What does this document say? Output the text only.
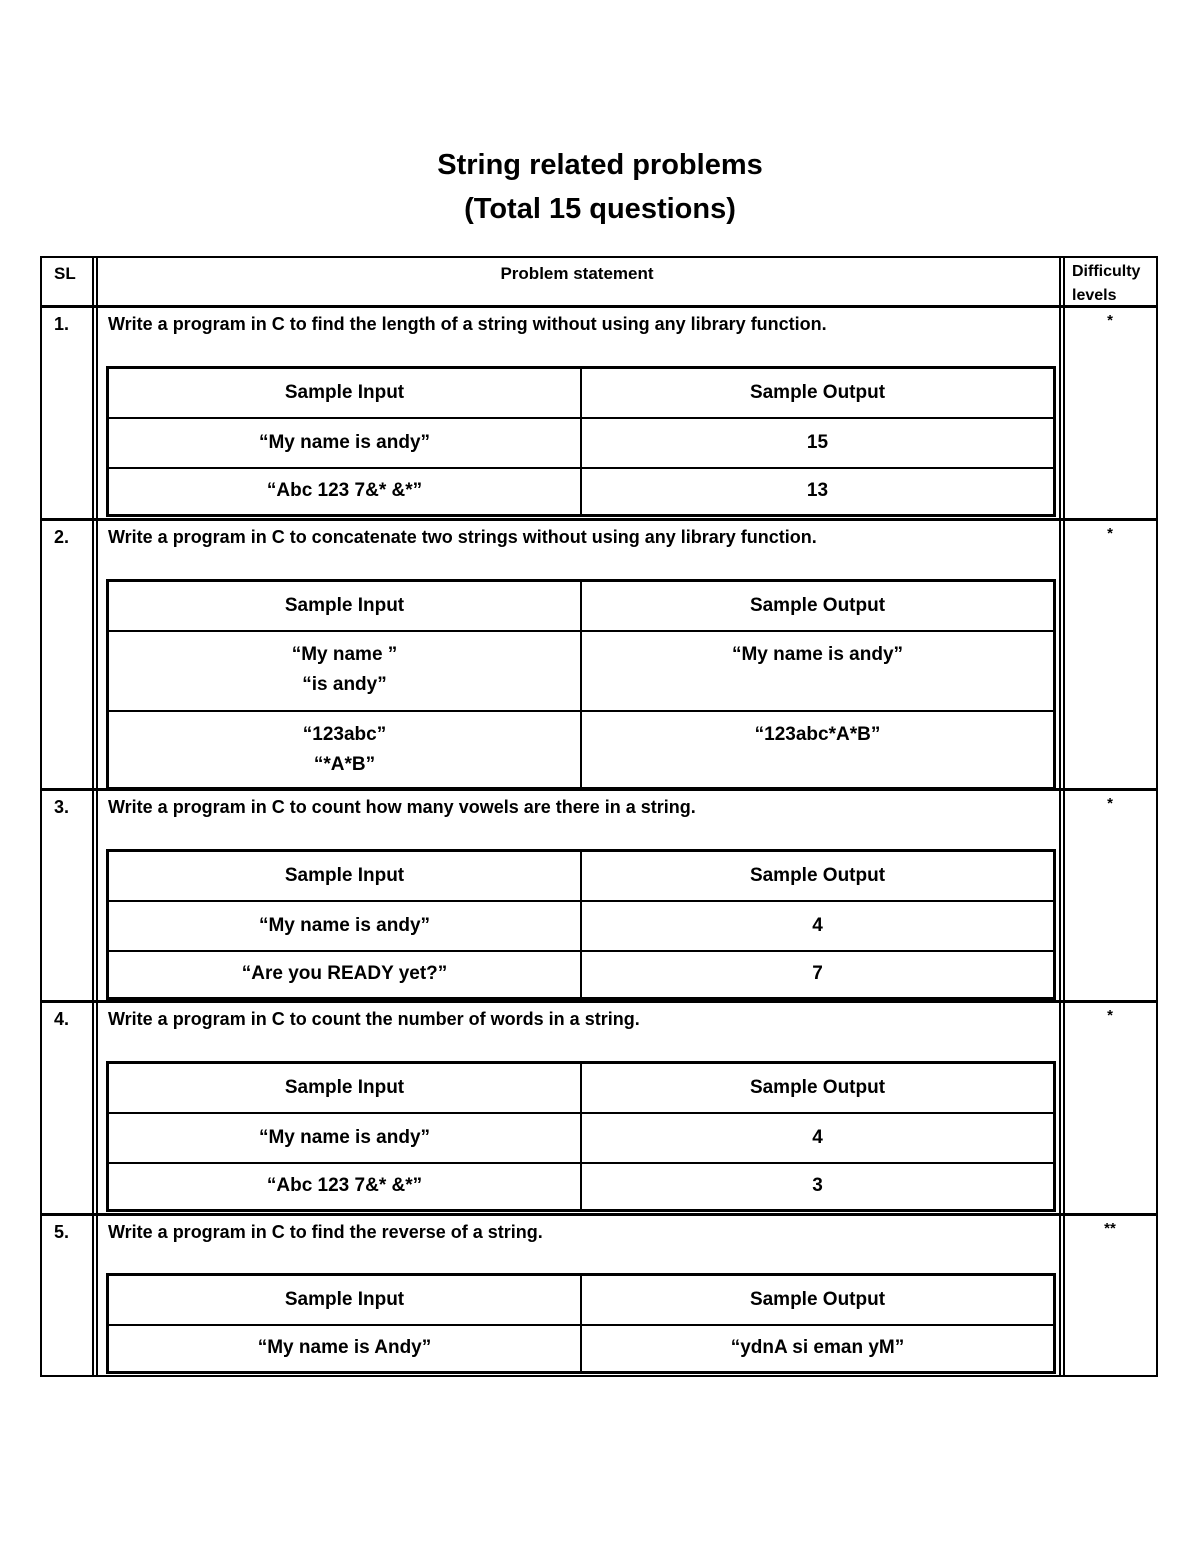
String related problems
(Total 15 questions)
SL	Problem statement	Difficulty
levels
1. Write a program in C to find the length of a string without using any library function.	*
Sample Input	Sample Output
“My name is andy”	15
“Abc 123 7&* &*”	13
2. Write a program in C to concatenate two strings without using any library function.	*
Sample Input	Sample Output

“My name ”
“is andy”	“My name is andy”

“123abc”
“*A*B”	“123abc*A*B”
3. Write a program in C to count how many vowels are there in a string.	*
Sample Input	Sample Output
“My name is andy”	4
“Are you READY yet?”	7
4. Write a program in C to count the number of words in a string.	*
Sample Input	Sample Output
“My name is andy”	4
“Abc 123 7&* &*”	3
5. Write a program in C to find the reverse of a string.	**
Sample Input	Sample Output
“My name is Andy”	“ydnA si eman yM”
